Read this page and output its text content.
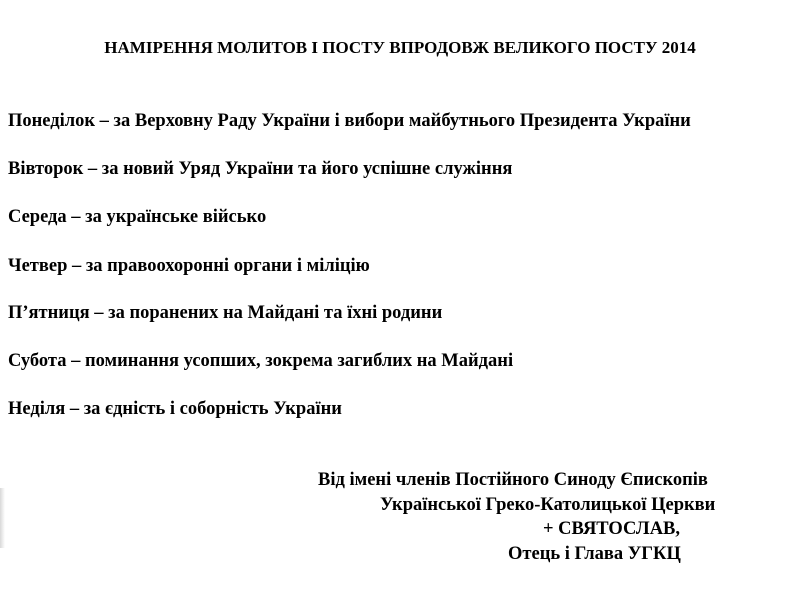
НАМІРЕННЯ МОЛИТОВ І ПОСТУ ВПРОДОВЖ ВЕЛИКОГО ПОСТУ 2014
Понеділок – за Верховну Раду України і вибори майбутнього Президента України
Вівторок – за новий Уряд України та його успішне служіння
Середа – за українське військо
Четвер – за правоохоронні органи і міліцію
П’ятниця – за поранених на Майдані та їхні родини
Субота – поминання усопших, зокрема загиблих на Майдані
Неділя – за єдність і соборність України
Від імені членів Постійного Синоду Єпископів
Української Греко-Католицької Церкви
+ СВЯТОСЛАВ,
Отець і Глава УГКЦ
